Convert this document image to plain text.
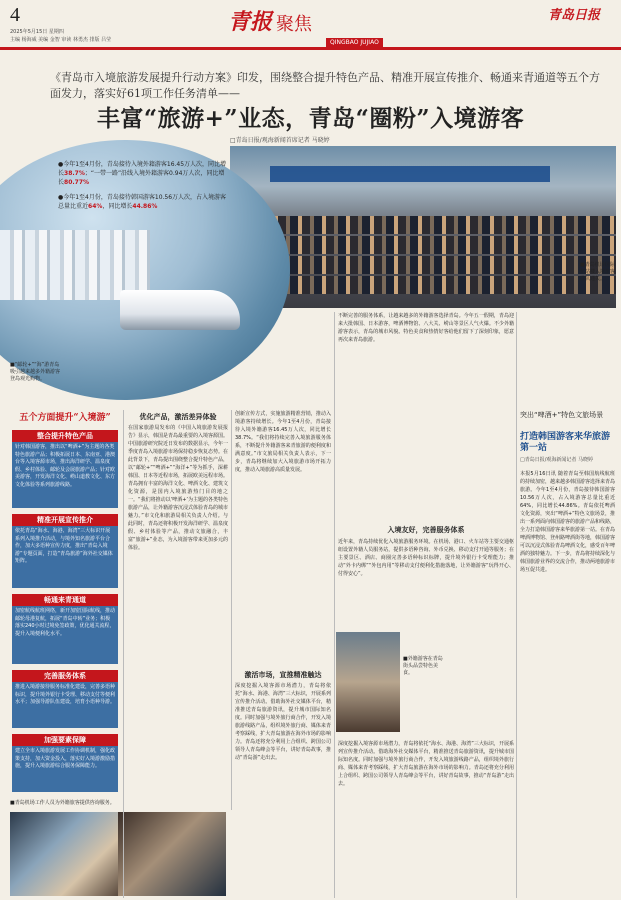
4
2025年5月15日 星期四
主编 杨海威 美编 金智 审读 林勇杰 排版 吕莹
青报 聚焦
QINGBAO JUJIAO
青岛日报
《青岛市入境旅游发展提升行动方案》印发，围绕整合提升特色产品、精准开展宣传推介、畅通来青通道等五个方面发力，落实好61项工作任务清单——
丰富“旅游+”业态，青岛“圈粉”入境游客
□青岛日报/观海新闻首席记者 马晓婷
■青岛机场国际航站楼入境旅客排队通关。
●今年1至4月份，青岛接待入境外籍游客16.45万人次，同比增长38.7%；“一带一路”沿线入境外籍游客0.94万人次，同比增长80.77%
●今年1至4月份，青岛接待韩国游客10.56万人次，占入境游客总量比重近64%，同比增长44.86%
■“邮轮+”“海”游青岛吸引越来越多外籍游客登岛观光购物。
五个方面提升“入境游”
整合提升特色产品
针对韩国游客，推出以“啤酒+”为主题的各类特色旅游产品；积极拓展日本、东南亚、港澳台等入境客源市场，推出海洋研学、温泉度假、乡村体验、邮轮及会展旅游产品；针对欧美游客，开发海洋文化、崂山道教文化、东方文化体验等系列旅游线路。
精准开展宣传推介
依托青岛“海水、海港、海湾”三大标识开展系列入境推介活动，与境外知名旅游平台合作，加大多语种宣传力度，推出“青岛入境游”专题页面，打造“青岛旅游”海外社交媒体矩阵。
畅通来青通道
加密航线航班网络，新开加密国际航线，推动邮轮母港复航，拓展“青岛中转”业务；积极落实240小时过境免签政策，优化通关流程，提升入境便利化水平。
完善服务体系
推进入境游接待服务标准化建设，完善多语种标识，提升境外银行卡受理、移动支付等便利水平；加强导游队伍建设，培育小语种导游。
加强要素保障
建立全市入境旅游发展工作协调机制，强化政策支持，加大资金投入，落实好入境游激励措施，提升入境旅游综合服务保障能力。
■青岛机场工作人员为外籍旅客提供咨询服务。
优化产品，激活差异体验
在国家旅游局发布的《中国入境旅游发展报告》显示，韩国是青岛最重要的入境客源国。中国旅游研究院近日发布的数据显示，今年一季度青岛入境旅游市场保持稳步恢复态势。在此背景下，青岛提出围绕整合提升特色产品，以“邮轮+”“啤酒+”“海洋+”等为抓手，深耕韩国、日本等近程市场，拓展欧美远程市场。青岛拥有丰富的海洋文化、啤酒文化、建筑文化资源，是国内入境旅游热门目的地之一。“我们将推动以‘啤酒+’为主题的各类特色旅游产品，让外籍游客沉浸式体验青岛的城市魅力。”市文化和旅游局相关负责人介绍。与此同时，青岛还将积极开发海洋研学、温泉度假、乡村体验等产品，推动文旅融合，丰富“旅游+”业态，为入境游客带来更加多元的体验。
激活市场，宣推精准触达
创新宣传方式，实施旅游精准营销，推动入境游客持续增长。今年1至4月份，青岛接待入境外籍游客16.45万人次，同比增长38.7%。“我们将持续完善入境旅游服务体系，不断提升外籍游客来青旅游的便利度和满意度。”市文旅局相关负责人表示，下一步，青岛将继续加大入境旅游市场开拓力度，推动入境旅游高质量发展。
深度挖掘入境客源市场潜力，青岛将依托“海水、海港、海湾”三大标识，开展系列宣传推介活动。借助海外社交媒体平台，精准推送青岛旅游资讯，提升城市国际知名度。同时加强与境外旅行商合作，开发入境旅游线路产品，组织境外旅行商、媒体来青考察踩线，扩大青岛旅游在海外市场的影响力。青岛还将充分利用上合组织、跨国公司领导人青岛峰会等平台，讲好青岛故事，推动“青岛游”走出去。
不断完善的服务体系，让越来越多的外籍游客选择青岛。今年五一假期，青岛迎来大批韩国、日本游客，啤酒博物馆、八大关、崂山等景区人气火爆。不少外籍游客表示，青岛的城市风貌、特色美食和热情好客给他们留下了深刻印象，愿意再次来青岛旅游。
入境友好，完善服务体系
近年来，青岛持续优化入境旅游服务环境。在机场、港口、火车站等主要交通枢纽设置外籍人员服务站，提供多语种咨询、外币兑换、移动支付开通等服务；在主要景区、酒店、商圈完善多语种标识标牌，提升境外银行卡受理能力；推动“外卡内绑”“外包内用”等移动支付便利化措施落地，让外籍游客“玩得开心、付得安心”。
■外籍游客在青岛街头品尝特色美食。
深度挖掘入境客源市场潜力，青岛将依托“海水、海港、海湾”三大标识，开展系列宣传推介活动。借助海外社交媒体平台，精准推送青岛旅游资讯，提升城市国际知名度。同时加强与境外旅行商合作，开发入境旅游线路产品，组织境外旅行商、媒体来青考察踩线，扩大青岛旅游在海外市场的影响力。青岛还将充分利用上合组织、跨国公司领导人青岛峰会等平台，讲好青岛故事，推动“青岛游”走出去。
突出“啤酒+”特色文旅场景
打造韩国游客来华旅游第一站
□青岛日报/观海新闻记者 马晓婷
本报5月16日讯 随着青岛至韩国航线航班的持续加密，越来越多韩国游客选择来青岛旅游。今年1至4月份，青岛接待韩国游客10.56万人次，占入境游客总量比重近64%，同比增长44.86%。青岛依托啤酒文化资源，突出“啤酒+”特色文旅场景，推出一系列面向韩国游客的旅游产品和线路，全力打造韩国游客来华旅游第一站。在青岛啤酒博物馆、登州路啤酒街等地，韩国游客可以沉浸式体验青岛啤酒文化，感受百年啤酒的独特魅力。下一步，青岛将持续深化与韩国旅游业界的交流合作，推动两地旅游市场互促共进。
